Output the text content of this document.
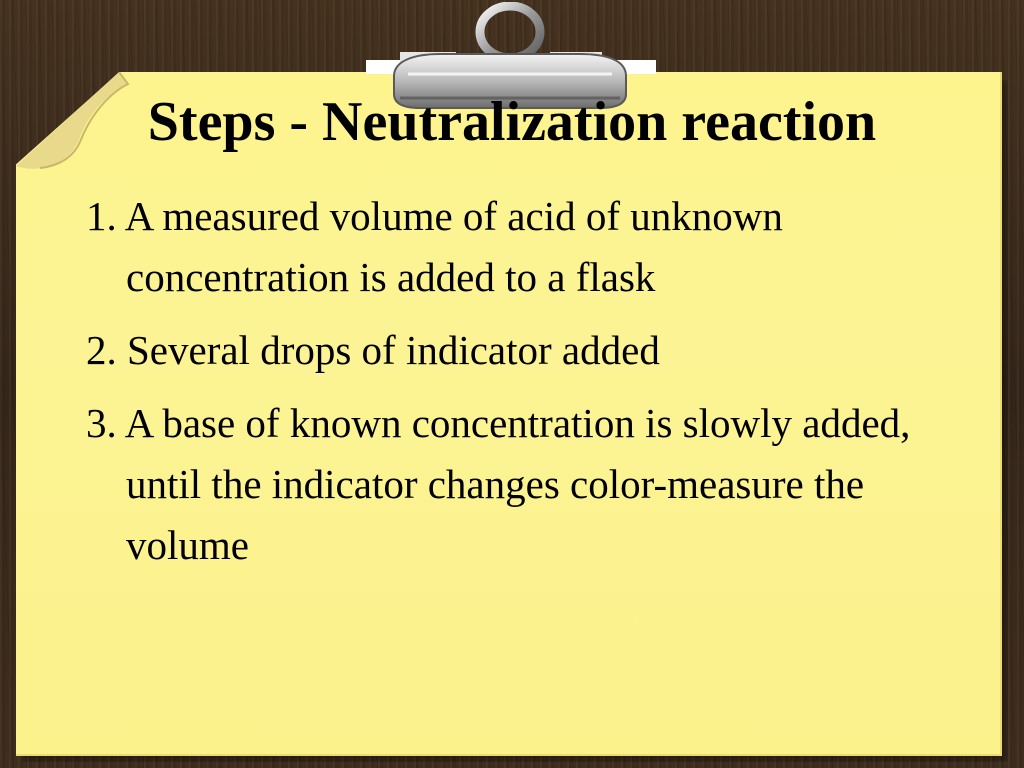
Steps - Neutralization reaction
1. A measured volume of acid of unknown concentration is added to a flask
2. Several drops of indicator added
3. A base of known concentration is slowly added, until the indicator changes color-measure the volume
